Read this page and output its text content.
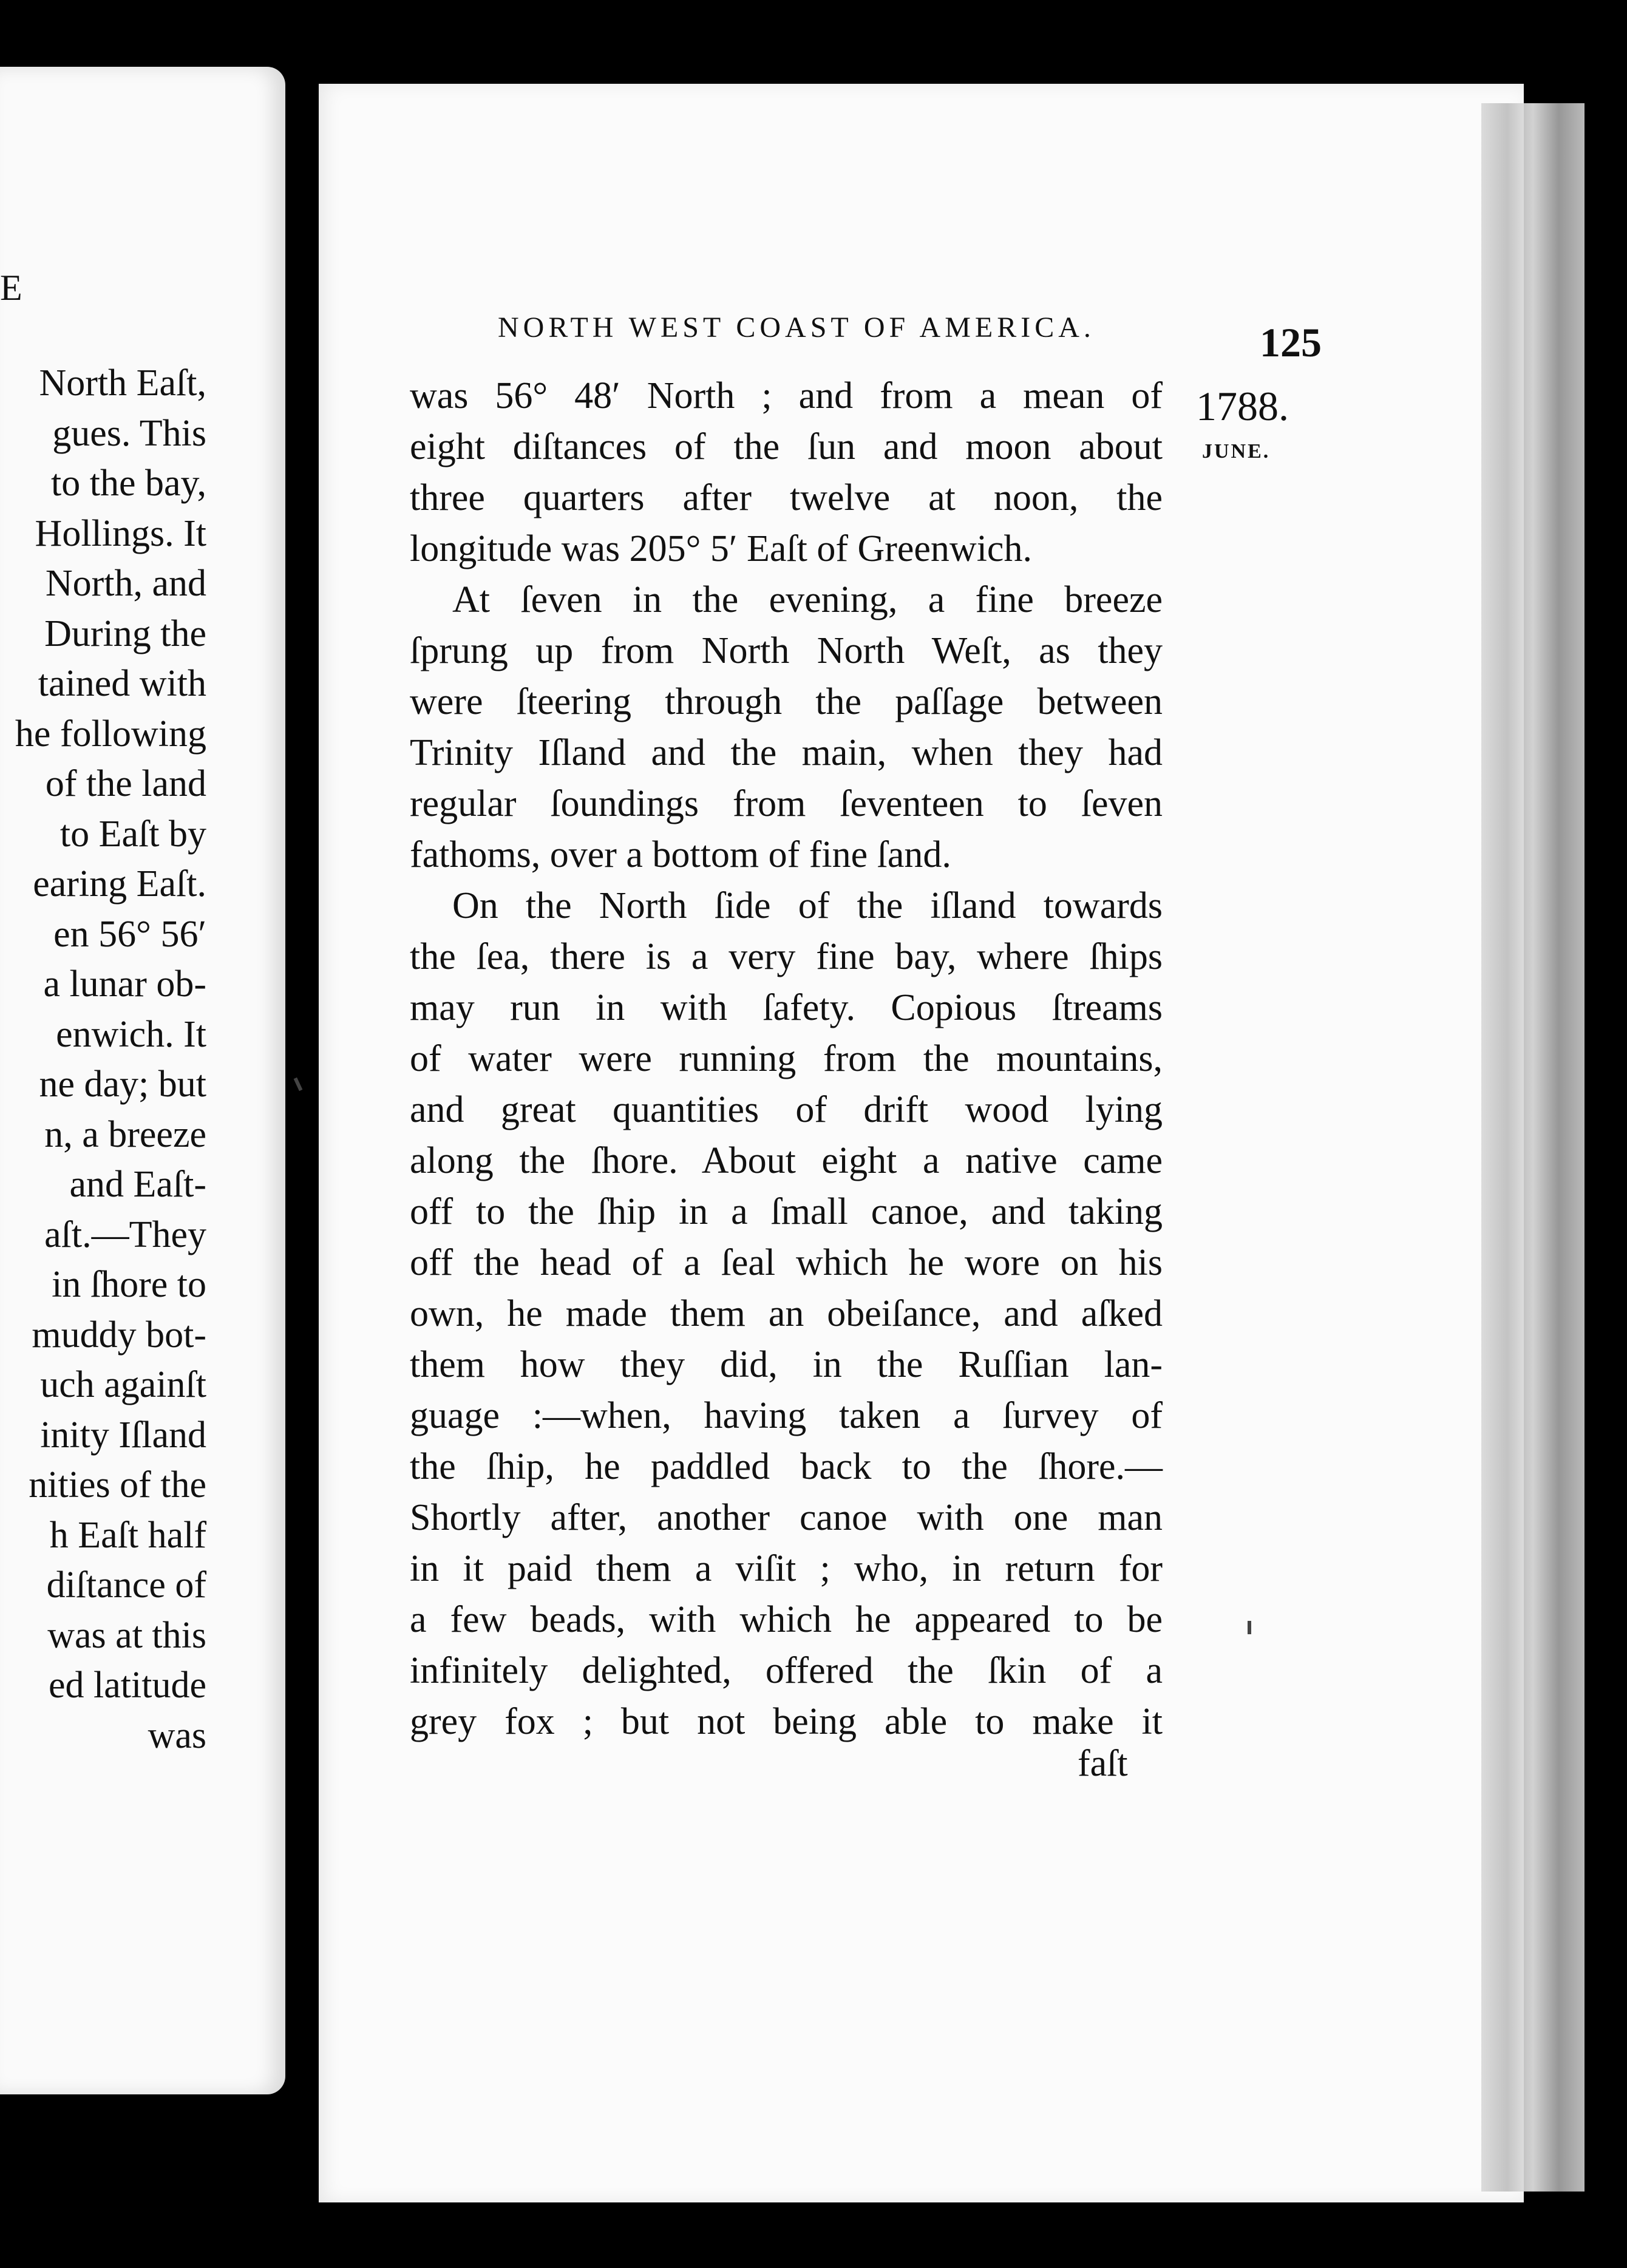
E
North Eaſt,
gues. This
to the bay,
Hollings. It
North, and
During the
tained with
he following
of the land
to Eaſt by
earing Eaſt.
en 56° 56′
a lunar ob-
enwich. It
ne day; but
n, a breeze
and Eaſt-
aſt.—They
in ſhore to
muddy bot-
uch againſt
inity Iſland
nities of the
h Eaſt half
diſtance of
was at this
ed latitude
was
NORTH WEST COAST OF AMERICA.	125
1788.
JUNE.
was 56° 48′ North ; and from a mean of
eight diſtances of the ſun and moon about
three quarters after twelve at noon, the
longitude was 205° 5′ Eaſt of Greenwich.
At ſeven in the evening, a fine breeze
ſprung up from North North Weſt, as they
were ſteering through the paſſage between
Trinity Iſland and the main, when they had
regular ſoundings from ſeventeen to ſeven
fathoms, over a bottom of fine ſand.
On the North ſide of the iſland towards
the ſea, there is a very fine bay, where ſhips
may run in with ſafety. Copious ſtreams
of water were running from the mountains,
and great quantities of drift wood lying
along the ſhore. About eight a native came
off to the ſhip in a ſmall canoe, and taking
off the head of a ſeal which he wore on his
own, he made them an obeiſance, and aſked
them how they did, in the Ruſſian lan-
guage :—when, having taken a ſurvey of
the ſhip, he paddled back to the ſhore.—
Shortly after, another canoe with one man
in it paid them a viſit ; who, in return for
a few beads, with which he appeared to be
infinitely delighted, offered the ſkin of a
grey fox ; but not being able to make it
faſt
